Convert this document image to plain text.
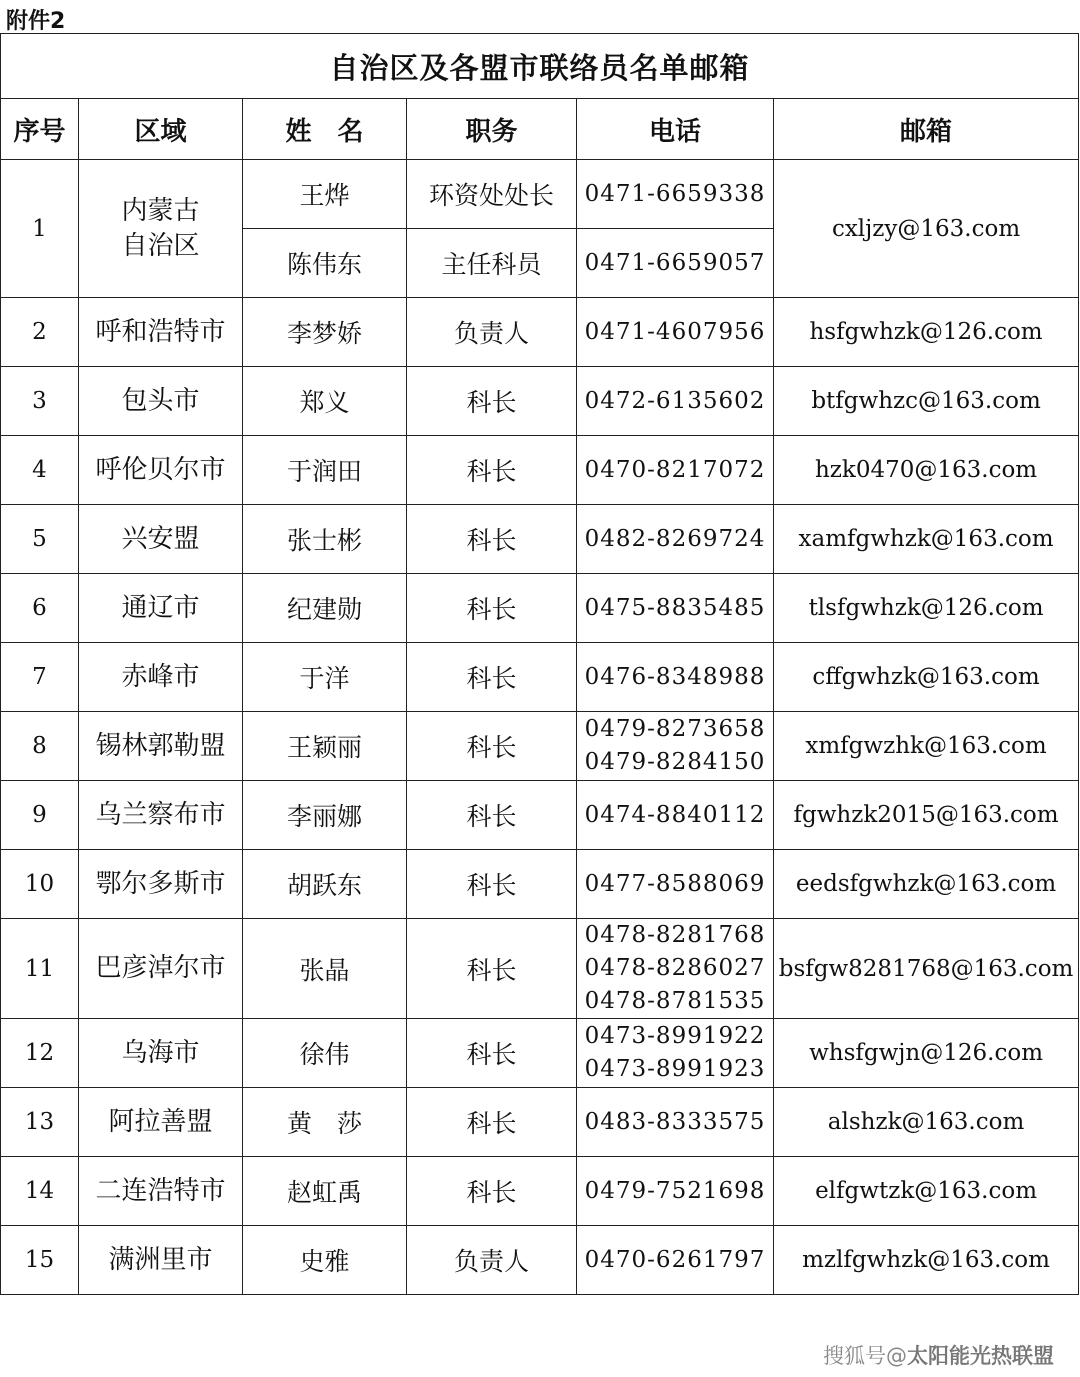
附件2
自治区及各盟市联络员名单邮箱					
序号	区域	姓　名	职务	电话	邮箱
1	内蒙古
自治区	王烨	环资处处长	0471-6659338	cxljzy@163.com
		陈伟东	主任科员	0471-6659057	
2	呼和浩特市	李梦娇	负责人	0471-4607956	hsfgwhzk@126.com
3	包头市	郑义	科长	0472-6135602	btfgwhzc@163.com
4	呼伦贝尔市	于润田	科长	0470-8217072	hzk0470@163.com
5	兴安盟	张士彬	科长	0482-8269724	xamfgwhzk@163.com
6	通辽市	纪建勋	科长	0475-8835485	tlsfgwhzk@126.com
7	赤峰市	于洋	科长	0476-8348988	cffgwhzk@163.com
8	锡林郭勒盟	王颖丽	科长	0479-8273658
0479-8284150	xmfgwzhk@163.com
9	乌兰察布市	李丽娜	科长	0474-8840112	fgwhzk2015@163.com
10	鄂尔多斯市	胡跃东	科长	0477-8588069	eedsfgwhzk@163.com
11	巴彦淖尔市	张晶	科长	0478-8281768
0478-8286027
0478-8781535	bsfgw8281768@163.com
12	乌海市	徐伟	科长	0473-8991922
0473-8991923	whsfgwjn@126.com
13	阿拉善盟	黄　莎	科长	0483-8333575	alshzk@163.com
14	二连浩特市	赵虹禹	科长	0479-7521698	elfgwtzk@163.com
15	满洲里市	史雅	负责人	0470-6261797	mzlfgwhzk@163.com
搜狐号@太阳能光热联盟
